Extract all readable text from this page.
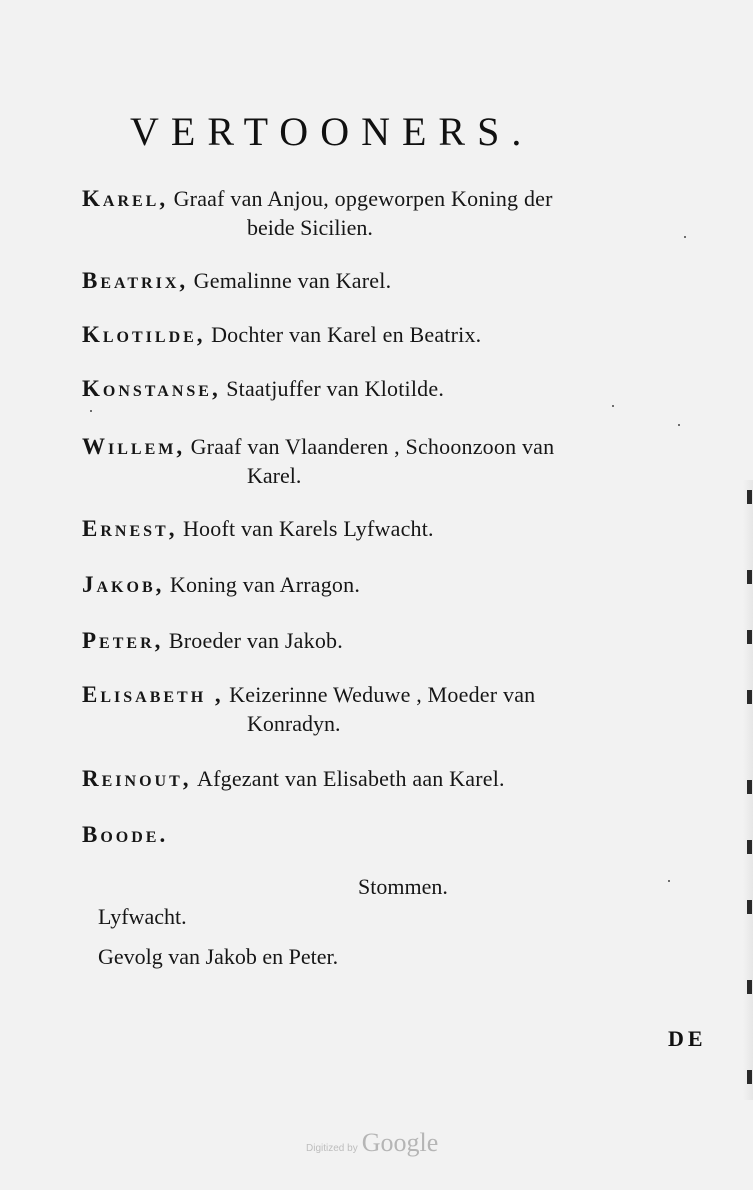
VERTOONERS.
Karel, Graaf van Anjou, opgeworpen Koning der
beide Sicilien.
Beatrix, Gemalinne van Karel.
Klotilde, Dochter van Karel en Beatrix.
Konstanse, Staatjuffer van Klotilde.
Willem, Graaf van Vlaanderen , Schoonzoon van
Karel.
Ernest, Hooft van Karels Lyfwacht.
Jakob, Koning van Arragon.
Peter, Broeder van Jakob.
Elisabeth , Keizerinne Weduwe , Moeder van
Konradyn.
Reinout, Afgezant van Elisabeth aan Karel.
Boode.
Stommen.
Lyfwacht.
Gevolg van Jakob en Peter.
DE
Digitized by Google
